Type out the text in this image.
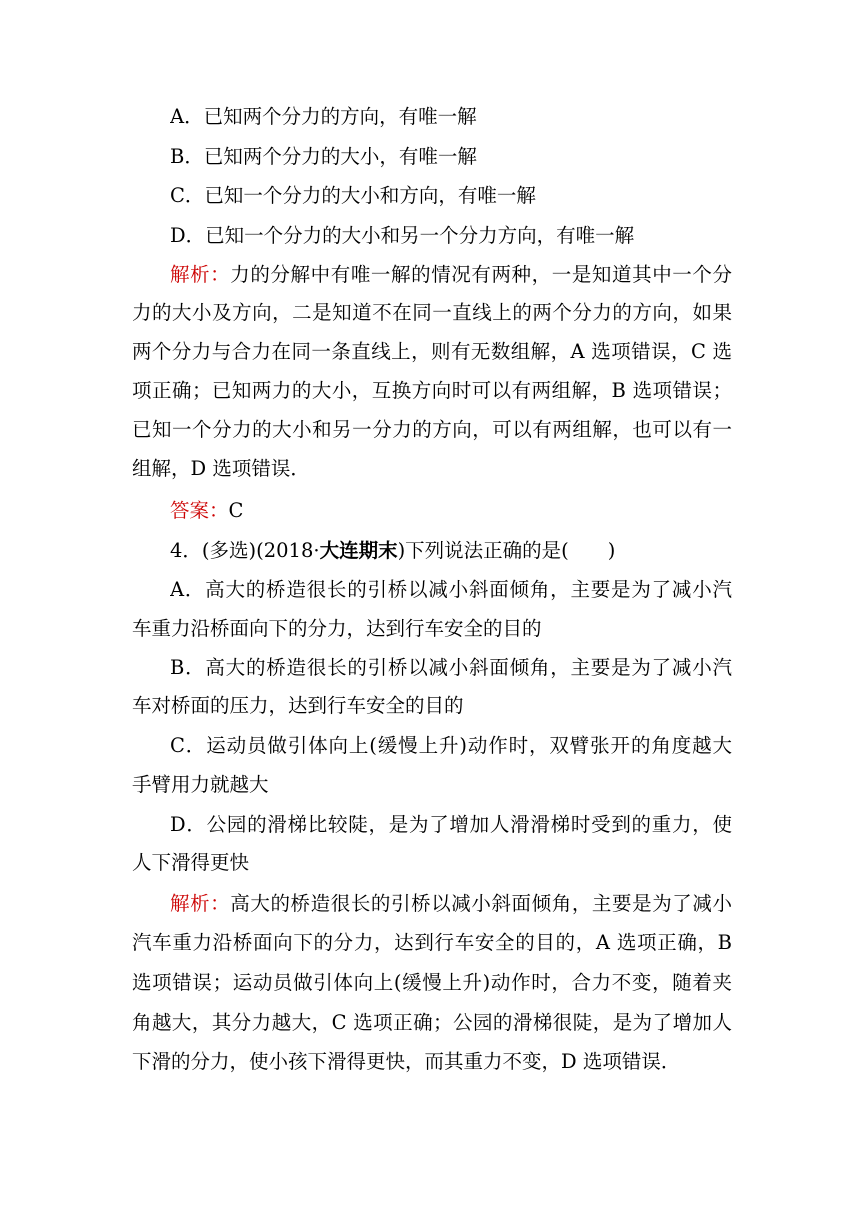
A．已知两个分力的方向，有唯一解
B．已知两个分力的大小，有唯一解
C．已知一个分力的大小和方向，有唯一解
D．已知一个分力的大小和另一个分力方向，有唯一解
解析：力的分解中有唯一解的情况有两种，一是知道其中一个分
力的大小及方向，二是知道不在同一直线上的两个分力的方向，如果
两个分力与合力在同一条直线上，则有无数组解，A 选项错误，C 选
项正确；已知两力的大小，互换方向时可以有两组解，B 选项错误；
已知一个分力的大小和另一分力的方向，可以有两组解，也可以有一
组解，D 选项错误．
答案：C
4．(多选)(2018·大连期末)下列说法正确的是(　　)
A．高大的桥造很长的引桥以减小斜面倾角，主要是为了减小汽
车重力沿桥面向下的分力，达到行车安全的目的
B．高大的桥造很长的引桥以减小斜面倾角，主要是为了减小汽
车对桥面的压力，达到行车安全的目的
C．运动员做引体向上(缓慢上升)动作时，双臂张开的角度越大
手臂用力就越大
D．公园的滑梯比较陡，是为了增加人滑滑梯时受到的重力，使
人下滑得更快
解析：高大的桥造很长的引桥以减小斜面倾角，主要是为了减小
汽车重力沿桥面向下的分力，达到行车安全的目的，A 选项正确，B
选项错误；运动员做引体向上(缓慢上升)动作时，合力不变，随着夹
角越大，其分力越大，C 选项正确；公园的滑梯很陡，是为了增加人
下滑的分力，使小孩下滑得更快，而其重力不变，D 选项错误．
